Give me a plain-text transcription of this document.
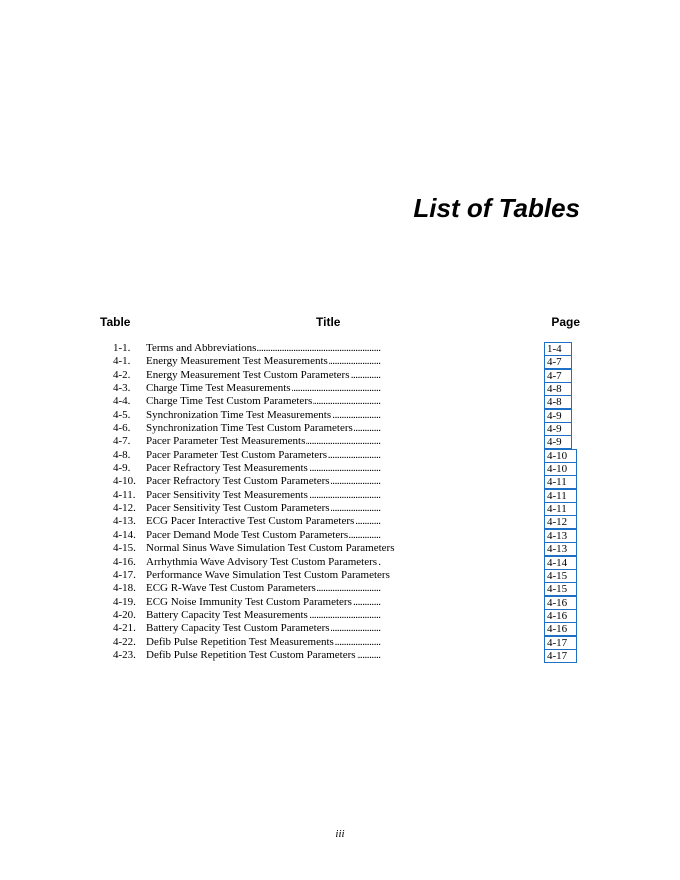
List of Tables
Table	Title	Page
1-1.	Terms and Abbreviations . . .	1-4
4-1.	Energy Measurement Test Measurements . . .	4-7
4-2.	Energy Measurement Test Custom Parameters . . .	4-7
4-3.	Charge Time Test Measurements . . .	4-8
4-4.	Charge Time Test Custom Parameters . . .	4-8
4-5.	Synchronization Time Test Measurements . . .	4-9
4-6.	Synchronization Time Test Custom Parameters . . .	4-9
4-7.	Pacer Parameter Test Measurements . . .	4-9
4-8.	Pacer Parameter Test Custom Parameters . . .	4-10
4-9.	Pacer Refractory Test Measurements . . .	4-10
4-10. Pacer Refractory Test Custom Parameters . . .	4-11
4-11. Pacer Sensitivity Test Measurements . . .	4-11
4-12. Pacer Sensitivity Test Custom Parameters . . .	4-11
4-13. ECG Pacer Interactive Test Custom Parameters . . .	4-12
4-14. Pacer Demand Mode Test Custom Parameters . . .	4-13
4-15. Normal Sinus Wave Simulation Test Custom Parameters . . .	4-13
4-16. Arrhythmia Wave Advisory Test Custom Parameters . . .	4-14
4-17. Performance Wave Simulation Test Custom Parameters . . .	4-15
4-18. ECG R-Wave Test Custom Parameters . . .	4-15
4-19. ECG Noise Immunity Test Custom Parameters . . .	4-16
4-20. Battery Capacity Test Measurements . . .	4-16
4-21. Battery Capacity Test Custom Parameters . . .	4-16
4-22. Defib Pulse Repetition Test Measurements . . .	4-17
4-23. Defib Pulse Repetition Test Custom Parameters . . .	4-17
iii
